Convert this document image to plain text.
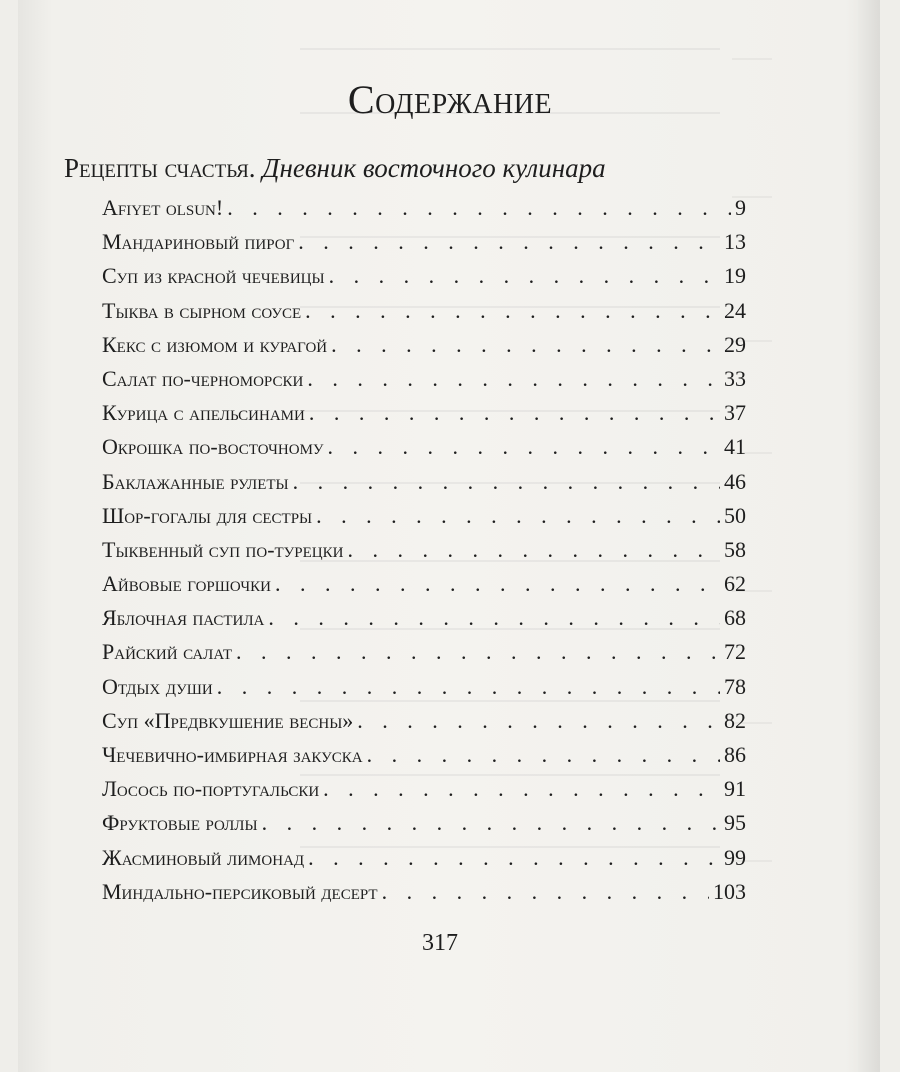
Содержание
Рецепты счастья. Дневник восточного кулинара
Afiyet olsun! . . .	9
Мандариновый пирог . . .	13
Суп из красной чечевицы . . .	19
Тыква в сырном соусе . . .	24
Кекс с изюмом и курагой . . .	29
Салат по-черноморски . . .	33
Курица с апельсинами . . .	37
Окрошка по-восточному . . .	41
Баклажанные рулеты . . .	46
Шор-гогалы для сестры . . .	50
Тыквенный суп по-турецки . . .	58
Айвовые горшочки . . .	62
Яблочная пастила . . .	68
Райский салат . . .	72
Отдых души . . .	78
Суп «Предвкушение весны» . . .	82
Чечевично-имбирная закуска . . .	86
Лосось по-португальски . . .	91
Фруктовые роллы . . .	95
Жасминовый лимонад . . .	99
Миндально-персиковый десерт . . .	103
317
